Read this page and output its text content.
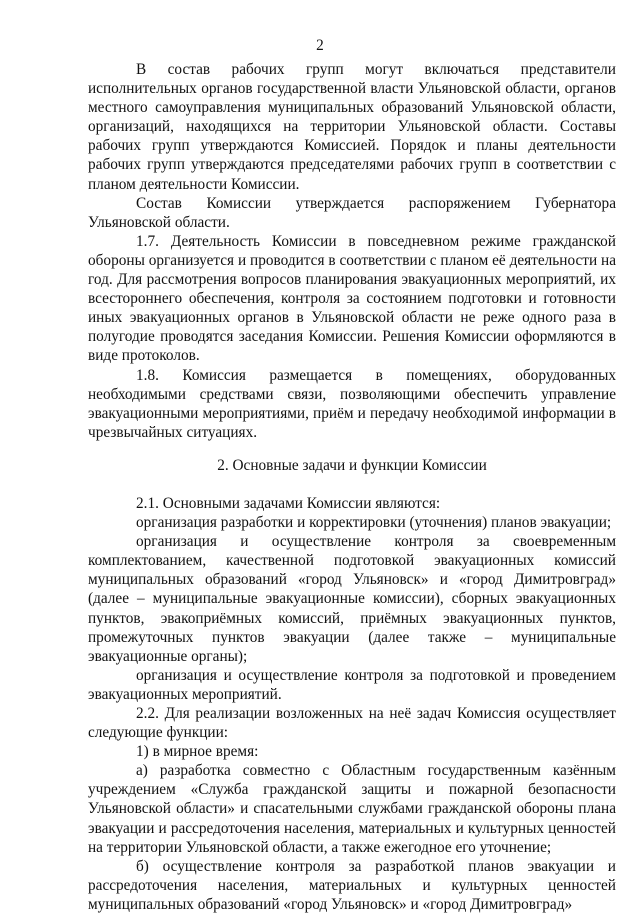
2

В состав рабочих групп могут включаться представители исполнительных органов государственной власти Ульяновской области, органов местного самоуправления муниципальных образований Ульяновской области, организаций, находящихся на территории Ульяновской области. Составы рабочих групп утверждаются Комиссией. Порядок и планы деятельности рабочих групп утверждаются председателями рабочих групп в соответствии с планом деятельности Комиссии.

Состав Комиссии утверждается распоряжением Губернатора Ульяновской области.

1.7. Деятельность Комиссии в повседневном режиме гражданской обороны организуется и проводится в соответствии с планом её деятельности на год. Для рассмотрения вопросов планирования эвакуационных мероприятий, их всестороннего обеспечения, контроля за состоянием подготовки и готовности иных эвакуационных органов в Ульяновской области не реже одного раза в полугодие проводятся заседания Комиссии. Решения Комиссии оформляются в виде протоколов.

1.8. Комиссия размещается в помещениях, оборудованных необходимыми средствами связи, позволяющими обеспечить управление эвакуационными мероприятиями, приём и передачу необходимой информации в чрезвычайных ситуациях.

2. Основные задачи и функции Комиссии

2.1. Основными задачами Комиссии являются:

организация разработки и корректировки (уточнения) планов эвакуации;

организация и осуществление контроля за своевременным комплектованием, качественной подготовкой эвакуационных комиссий муниципальных образований «город Ульяновск» и «город Димитровград» (далее – муниципальные эвакуационные комиссии), сборных эвакуационных пунктов, эвакоприёмных комиссий, приёмных эвакуационных пунктов, промежуточных пунктов эвакуации (далее также – муниципальные эвакуационные органы);

организация и осуществление контроля за подготовкой и проведением эвакуационных мероприятий.

2.2. Для реализации возложенных на неё задач Комиссия осуществляет следующие функции:

1) в мирное время:

а) разработка совместно с Областным государственным казённым учреждением «Служба гражданской защиты и пожарной безопасности Ульяновской области» и спасательными службами гражданской обороны плана эвакуации и рассредоточения населения, материальных и культурных ценностей на территории Ульяновской области, а также ежегодное его уточнение;

б) осуществление контроля за разработкой планов эвакуации и рассредоточения населения, материальных и культурных ценностей муниципальных образований «город Ульяновск» и «город Димитровград»
